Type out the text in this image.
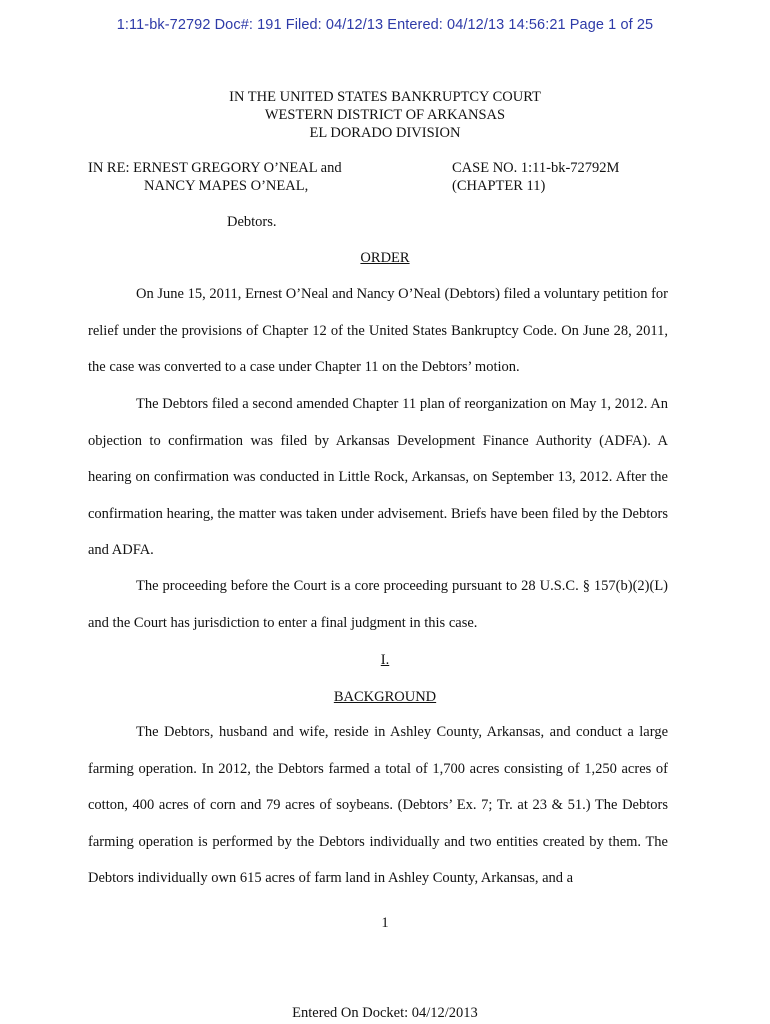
1:11-bk-72792 Doc#: 191 Filed: 04/12/13 Entered: 04/12/13 14:56:21 Page 1 of 25
IN THE UNITED STATES BANKRUPTCY COURT
WESTERN DISTRICT OF ARKANSAS
EL DORADO DIVISION
IN RE: ERNEST GREGORY O’NEAL and
NANCY MAPES O’NEAL,
CASE NO. 1:11-bk-72792M
(CHAPTER 11)
Debtors.
ORDER
On June 15, 2011, Ernest O’Neal and Nancy O’Neal (Debtors) filed a voluntary petition for relief under the provisions of Chapter 12 of the United States Bankruptcy Code. On June 28, 2011, the case was converted to a case under Chapter 11 on the Debtors’ motion.
The Debtors filed a second amended Chapter 11 plan of reorganization on May 1, 2012. An objection to confirmation was filed by Arkansas Development Finance Authority (ADFA). A hearing on confirmation was conducted in Little Rock, Arkansas, on September 13, 2012. After the confirmation hearing, the matter was taken under advisement. Briefs have been filed by the Debtors and ADFA.
The proceeding before the Court is a core proceeding pursuant to 28 U.S.C. § 157(b)(2)(L) and the Court has jurisdiction to enter a final judgment in this case.
I.
BACKGROUND
The Debtors, husband and wife, reside in Ashley County, Arkansas, and conduct a large farming operation. In 2012, the Debtors farmed a total of 1,700 acres consisting of 1,250 acres of cotton, 400 acres of corn and 79 acres of soybeans. (Debtors’ Ex. 7; Tr. at 23 & 51.) The Debtors farming operation is performed by the Debtors individually and two entities created by them. The Debtors individually own 615 acres of farm land in Ashley County, Arkansas, and a
1
Entered On Docket: 04/12/2013
